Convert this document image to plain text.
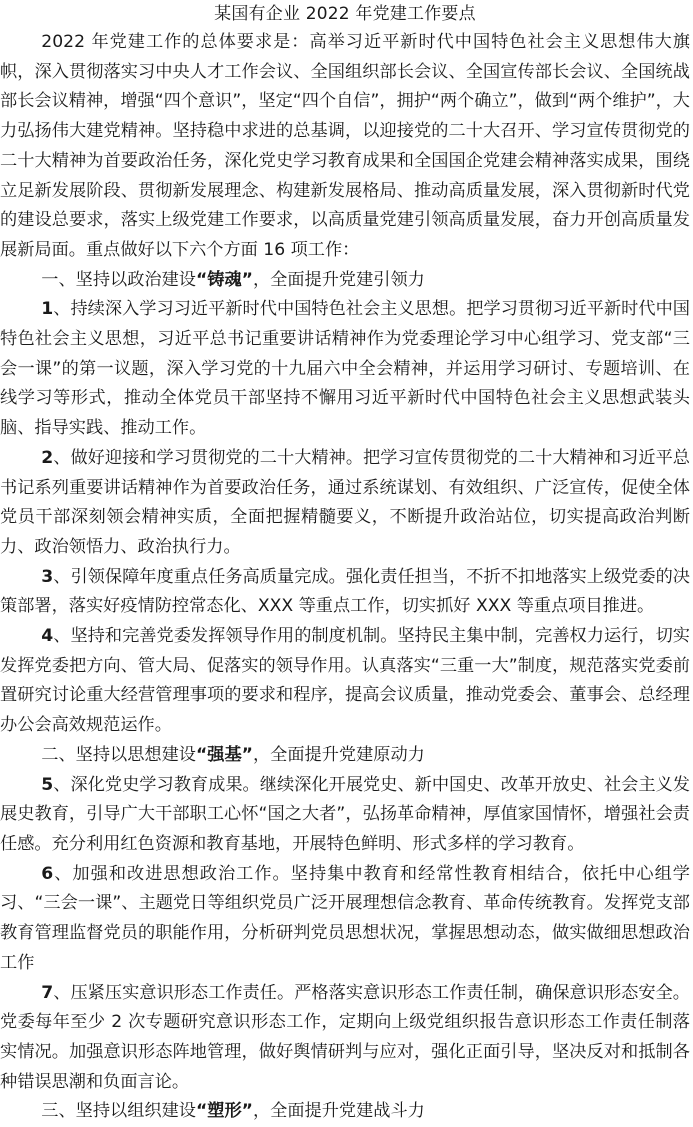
某国有企业 2022 年党建工作要点

2022 年党建工作的总体要求是：高举习近平新时代中国特色社会主义思想伟大旗帜，深入贯彻落实习中央人才工作会议、全国组织部长会议、全国宣传部长会议、全国统战部长会议精神，增强“四个意识”，坚定“四个自信”，拥护“两个确立”，做到“两个维护”，大力弘扬伟大建党精神。坚持稳中求进的总基调，以迎接党的二十大召开、学习宣传贯彻党的二十大精神为首要政治任务，深化党史学习教育成果和全国国企党建会精神落实成果，围绕立足新发展阶段、贯彻新发展理念、构建新发展格局、推动高质量发展，深入贯彻新时代党的建设总要求，落实上级党建工作要求，以高质量党建引领高质量发展，奋力开创高质量发展新局面。重点做好以下六个方面 16 项工作：

一、坚持以政治建设“铸魂”，全面提升党建引领力

1、持续深入学习习近平新时代中国特色社会主义思想。把学习贯彻习近平新时代中国特色社会主义思想，习近平总书记重要讲话精神作为党委理论学习中心组学习、党支部“三会一课”的第一议题，深入学习党的十九届六中全会精神，并运用学习研讨、专题培训、在线学习等形式，推动全体党员干部坚持不懈用习近平新时代中国特色社会主义思想武装头脑、指导实践、推动工作。

2、做好迎接和学习贯彻党的二十大精神。把学习宣传贯彻党的二十大精神和习近平总书记系列重要讲话精神作为首要政治任务，通过系统谋划、有效组织、广泛宣传，促使全体党员干部深刻领会精神实质，全面把握精髓要义，不断提升政治站位，切实提高政治判断力、政治领悟力、政治执行力。

3、引领保障年度重点任务高质量完成。强化责任担当，不折不扣地落实上级党委的决策部署，落实好疫情防控常态化、XXX 等重点工作，切实抓好 XXX 等重点项目推进。

4、坚持和完善党委发挥领导作用的制度机制。坚持民主集中制，完善权力运行，切实发挥党委把方向、管大局、促落实的领导作用。认真落实“三重一大”制度，规范落实党委前置研究讨论重大经营管理事项的要求和程序，提高会议质量，推动党委会、董事会、总经理办公会高效规范运作。

二、坚持以思想建设“强基”，全面提升党建原动力

5、深化党史学习教育成果。继续深化开展党史、新中国史、改革开放史、社会主义发展史教育，引导广大干部职工心怀“国之大者”，弘扬革命精神，厚值家国情怀，增强社会责任感。充分利用红色资源和教育基地，开展特色鲜明、形式多样的学习教育。

6、加强和改进思想政治工作。坚持集中教育和经常性教育相结合，依托中心组学习、“三会一课”、主题党日等组织党员广泛开展理想信念教育、革命传统教育。发挥党支部教育管理监督党员的职能作用，分析研判党员思想状况，掌握思想动态，做实做细思想政治工作

7、压紧压实意识形态工作责任。严格落实意识形态工作责任制，确保意识形态安全。党委每年至少 2 次专题研究意识形态工作，定期向上级党组织报告意识形态工作责任制落实情况。加强意识形态阵地管理，做好舆情研判与应对，强化正面引导，坚决反对和抵制各种错误思潮和负面言论。

三、坚持以组织建设“塑形”，全面提升党建战斗力
